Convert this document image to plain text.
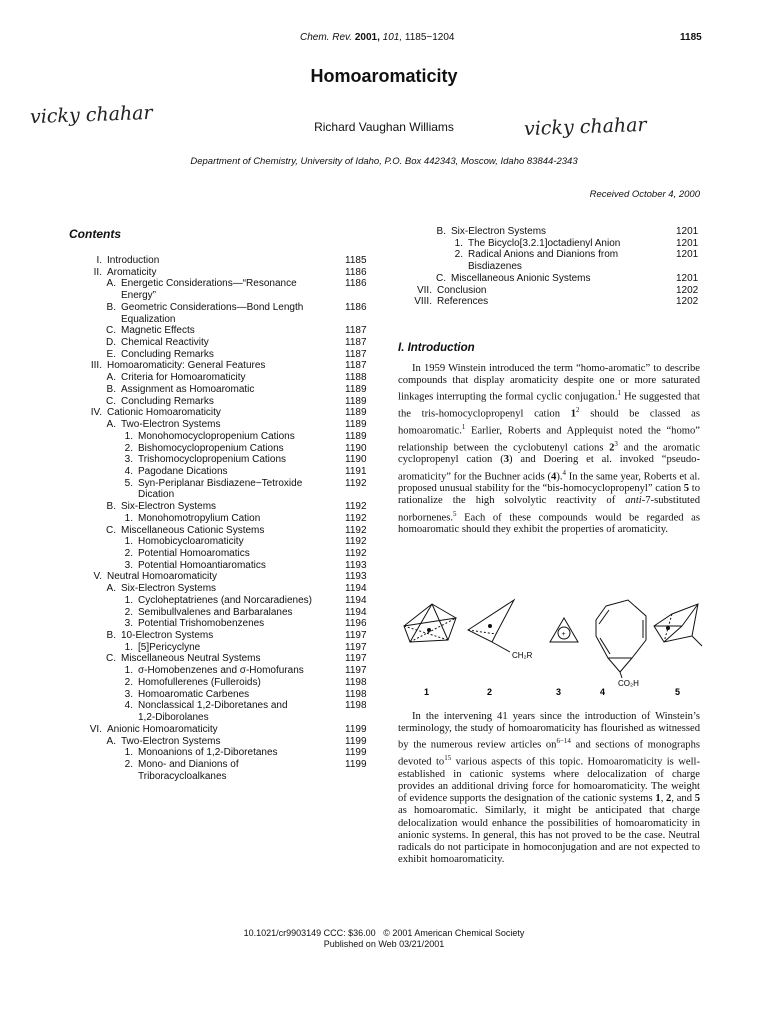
Chem. Rev. 2001, 101, 1185−1204	1185
Homoaromaticity
vicky chahar	Richard Vaughan Williams	vicky chahar
Department of Chemistry, University of Idaho, P.O. Box 442343, Moscow, Idaho 83844-2343
Received October 4, 2000
Contents
I. Introduction	1185
II. Aromaticity	1186
A. Energetic Considerations—“Resonance	1186
Energy”
B. Geometric Considerations—Bond Length	1186
Equalization
C. Magnetic Effects	1187
D. Chemical Reactivity	1187
E. Concluding Remarks	1187
III. Homoaromaticity: General Features	1187
A. Criteria for Homoaromaticity	1188
B. Assignment as Homoaromatic	1189
C. Concluding Remarks	1189
IV. Cationic Homoaromaticity	1189
A. Two-Electron Systems	1189
1. Monohomocyclopropenium Cations	1189
2. Bishomocyclopropenium Cations	1190
3. Trishomocyclopropenium Cations	1190
4. Pagodane Dications	1191
5. Syn-Periplanar Bisdiazene−Tetroxide	1192
Dication
B. Six-Electron Systems	1192
1. Monohomotropylium Cation	1192
C. Miscellaneous Cationic Systems	1192
1. Homobicycloaromaticity	1192
2. Potential Homoaromatics	1192
3. Potential Homoantiaromatics	1193
V. Neutral Homoaromaticity	1193
A. Six-Electron Systems	1194
1. Cycloheptatrienes (and Norcaradienes)	1194
2. Semibullvalenes and Barbaralanes	1194
3. Potential Trishomobenzenes	1196
B. 10-Electron Systems	1197
1. [5]Pericyclyne	1197
C. Miscellaneous Neutral Systems	1197
1. σ-Homobenzenes and σ-Homofurans	1197
2. Homofullerenes (Fulleroids)	1198
3. Homoaromatic Carbenes	1198
4. Nonclassical 1,2-Diboretanes and	1198
1,2-Diborolanes
VI. Anionic Homoaromaticity	1199
A. Two-Electron Systems	1199
1. Monoanions of 1,2-Diboretanes	1199
2. Mono- and Dianions of	1199
Triboracycloalkanes
B. Six-Electron Systems	1201
1. The Bicyclo[3.2.1]octadienyl Anion	1201
2. Radical Anions and Dianions from	1201
Bisdiazenes
C. Miscellaneous Anionic Systems	1201
VII. Conclusion	1202
VIII. References	1202
I. Introduction

In 1959 Winstein introduced the term “homo-aromatic” to describe compounds that display aromaticity despite one or more saturated linkages interrupting the formal cyclic conjugation.$^1$ He suggested that the tris-homocyclopropenyl cation $1^2$ should be classed as homoaromatic.$^1$ Earlier, Roberts and Applequist noted the “homo” relationship between the cyclobutenyl cations $2^3$ and the aromatic cyclopropenyl cation (3) and Doering et al. invoked “pseudo-aromaticity” for the Buchner acids (4).$^4$ In the same year, Roberts et al. proposed unusual stability for the “bis-homocyclopropenyl” cation 5 to rationalize the high solvolytic reactivity of anti-7-substituted norbornenes.$^5$ Each of these compounds would be regarded as homoaromatic should they exhibit the properties of aromaticity.

CH₂R
+
CO₂H
1	2	3	4	5

In the intervening 41 years since the introduction of Winstein’s terminology, the study of homoaromaticity has flourished as witnessed by the numerous review articles $on^{6-14}$ and sections of monographs devoted $to^{15}$ various aspects of this topic. Homoaromaticity is well-established in cationic systems where delocalization of charge provides an additional driving force for homoaromaticity. The weight of evidence supports the designation of the cationic systems 1, 2, and 5 as homoaromatic. Similarly, it might be anticipated that charge delocalization would enhance the possibilities of homoaromaticity in anionic systems. In general, this has not proved to be the case. Neutral radicals do not participate in homoconjugation and are not expected to exhibit homoaromaticity.

10.1021/cr9903149 CCC: $36.00 © 2001 American Chemical Society
Published on Web 03/21/2001
